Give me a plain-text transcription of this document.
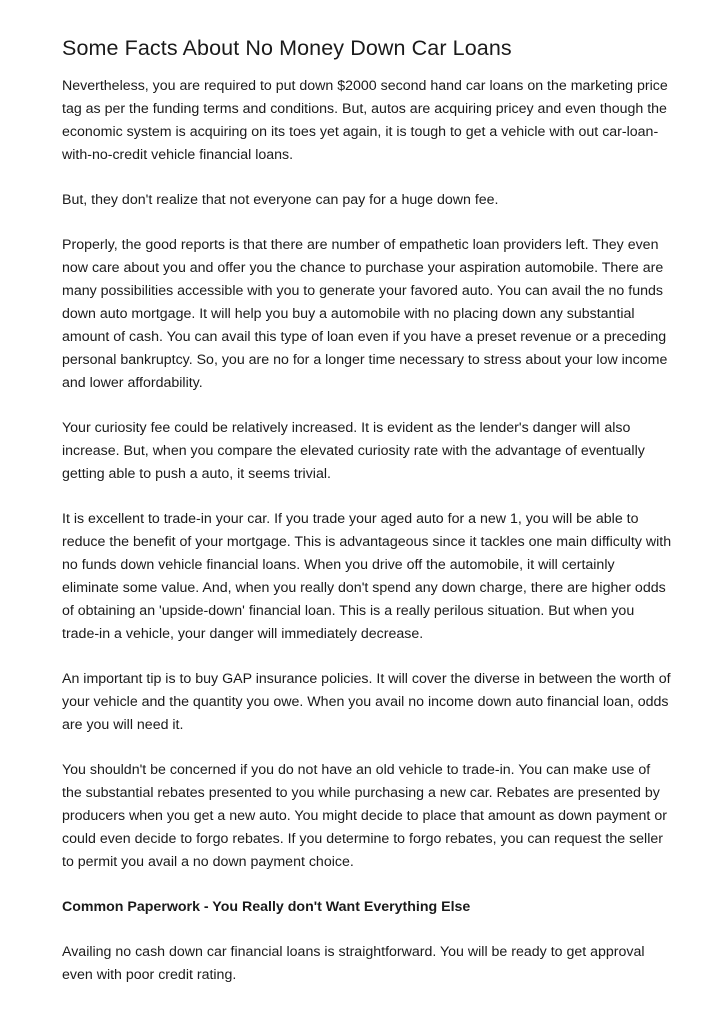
Some Facts About No Money Down Car Loans

Nevertheless, you are required to put down $2000 second hand car loans on the marketing price tag as per the funding terms and conditions. But, autos are acquiring pricey and even though the economic system is acquiring on its toes yet again, it is tough to get a vehicle with out car-loan-with-no-credit vehicle financial loans.

But, they don't realize that not everyone can pay for a huge down fee.

Properly, the good reports is that there are number of empathetic loan providers left. They even now care about you and offer you the chance to purchase your aspiration automobile. There are many possibilities accessible with you to generate your favored auto. You can avail the no funds down auto mortgage. It will help you buy a automobile with no placing down any substantial amount of cash. You can avail this type of loan even if you have a preset revenue or a preceding personal bankruptcy. So, you are no for a longer time necessary to stress about your low income and lower affordability.

Your curiosity fee could be relatively increased. It is evident as the lender's danger will also increase. But, when you compare the elevated curiosity rate with the advantage of eventually getting able to push a auto, it seems trivial.

It is excellent to trade-in your car. If you trade your aged auto for a new 1, you will be able to reduce the benefit of your mortgage. This is advantageous since it tackles one main difficulty with no funds down vehicle financial loans. When you drive off the automobile, it will certainly eliminate some value. And, when you really don't spend any down charge, there are higher odds of obtaining an 'upside-down' financial loan. This is a really perilous situation. But when you trade-in a vehicle, your danger will immediately decrease.

An important tip is to buy GAP insurance policies. It will cover the diverse in between the worth of your vehicle and the quantity you owe. When you avail no income down auto financial loan, odds are you will need it.

You shouldn't be concerned if you do not have an old vehicle to trade-in. You can make use of the substantial rebates presented to you while purchasing a new car. Rebates are presented by producers when you get a new auto. You might decide to place that amount as down payment or could even decide to forgo rebates. If you determine to forgo rebates, you can request the seller to permit you avail a no down payment choice.

Common Paperwork - You Really don't Want Everything Else

Availing no cash down car financial loans is straightforward. You will be ready to get approval even with poor credit rating.
